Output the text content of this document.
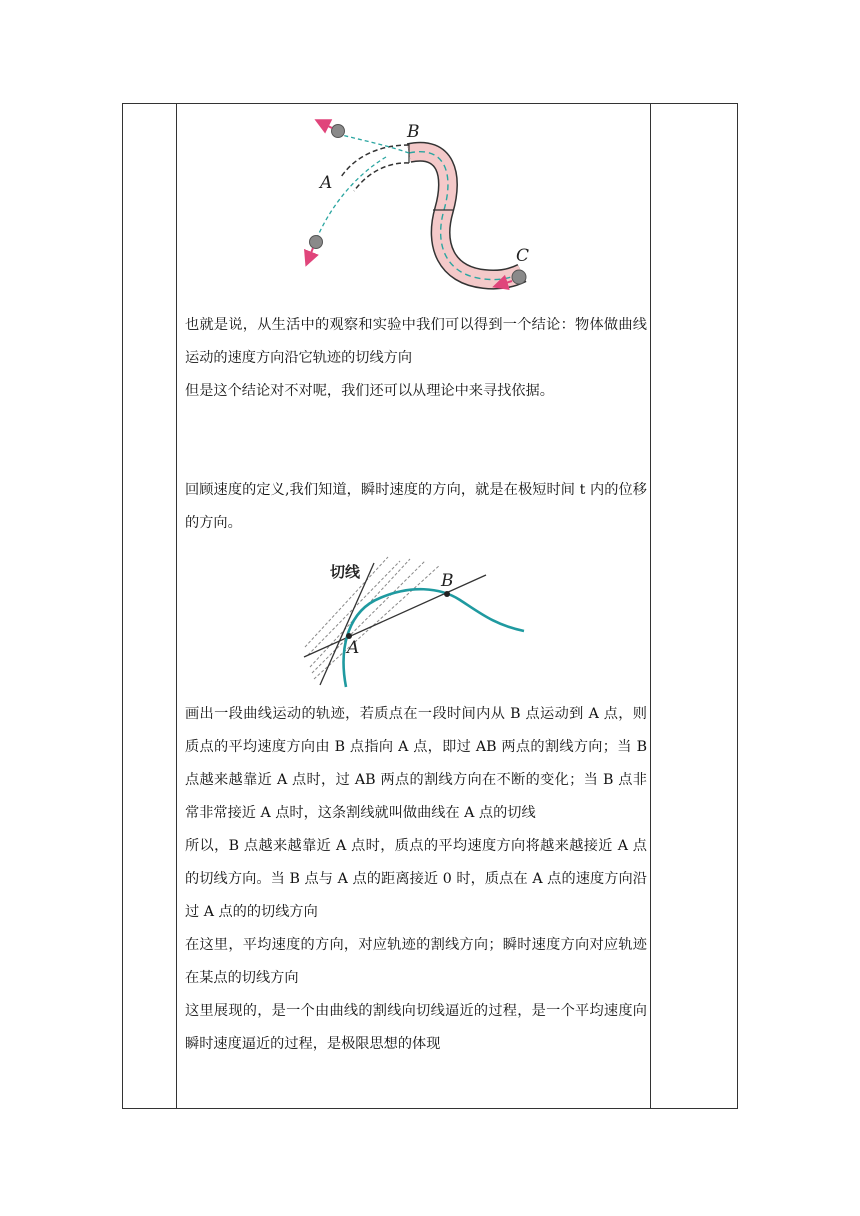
B
A
C

也就是说，从生活中的观察和实验中我们可以得到一个结论：物体做曲线运动的速度方向沿它轨迹的切线方向

但是这个结论对不对呢，我们还可以从理论中来寻找依据。

回顾速度的定义,我们知道，瞬时速度的方向，就是在极短时间 t 内的位移的方向。

A
B
切线
画出一段曲线运动的轨迹，若质点在一段时间内从 B 点运动到 A 点，则质点的平均速度方向由 B 点指向 A 点，即过 AB 两点的割线方向；当 B 点越来越靠近 A 点时，过 AB 两点的割线方向在不断的变化；当 B 点非常非常接近 A 点时，这条割线就叫做曲线在 A 点的切线
所以，B 点越来越靠近 A 点时，质点的平均速度方向将越来越接近 A 点的切线方向。当 B 点与 A 点的距离接近 0 时，质点在 A 点的速度方向沿过 A 点的的切线方向
在这里，平均速度的方向，对应轨迹的割线方向；瞬时速度方向对应轨迹在某点的切线方向
这里展现的，是一个由曲线的割线向切线逼近的过程，是一个平均速度向瞬时速度逼近的过程，是极限思想的体现
